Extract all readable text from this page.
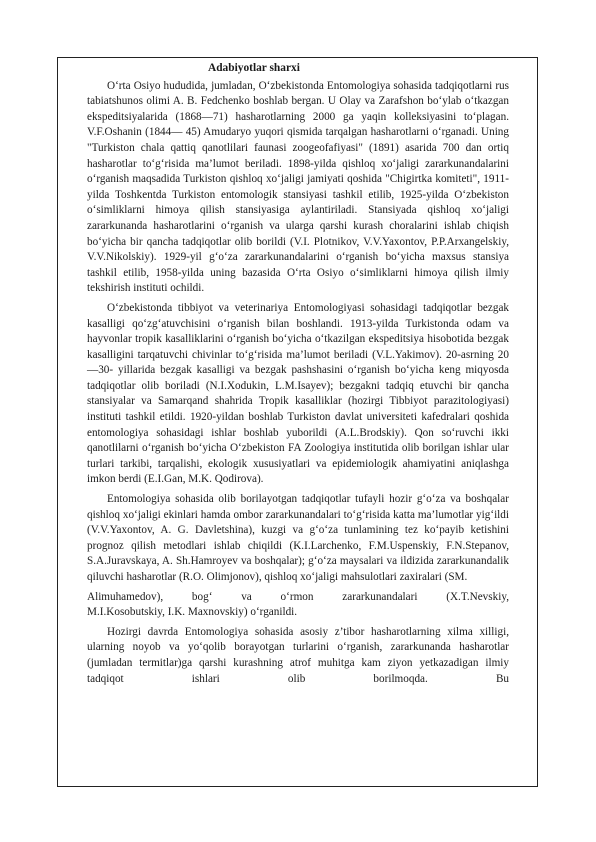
Adabiyotlar sharxi

O‘rta Osiyo hududida, jumladan, O‘zbekistonda Entomologiya sohasida tadqiqotlarni rus tabiatshunos olimi A. B. Fedchenko boshlab bergan. U Olay va Zarafshon bo‘ylab o‘tkazgan ekspeditsiyalarida (1868—71) hasharotlarning 2000 ga yaqin kolleksiyasini to‘plagan. V.F.Oshanin (1844— 45) Amudaryo yuqori qismida tarqalgan hasharotlarni o‘rganadi. Uning "Turkiston chala qattiq qanotlilari faunasi zoogeofafiyasi" (1891) asarida 700 dan ortiq hasharotlar to‘g‘risida ma’lumot beriladi. 1898-yilda qishloq xo‘jaligi zararkunandalarini o‘rganish maqsadida Turkiston qishloq xo‘jaligi jamiyati qoshida "Chigirtka komiteti", 1911-yilda Toshkentda Turkiston entomologik stansiyasi tashkil etilib, 1925-yilda O‘zbekiston o‘simliklarni himoya qilish stansiyasiga aylantiriladi. Stansiyada qishloq xo‘jaligi zararkunanda hasharotlarini o‘rganish va ularga qarshi kurash choralarini ishlab chiqish bo‘yicha bir qancha tadqiqotlar olib borildi (V.I. Plotnikov, V.V.Yaxontov, P.P.Arxangelskiy, V.V.Nikolskiy). 1929-yil g‘o‘za zararkunandalarini o‘rganish bo‘yicha maxsus stansiya tashkil etilib, 1958-yilda uning bazasida O‘rta Osiyo o‘simliklarni himoya qilish ilmiy tekshirish instituti ochildi.

O‘zbekistonda tibbiyot va veterinariya Entomologiyasi sohasidagi tadqiqotlar bezgak kasalligi qo‘zg‘atuvchisini o‘rganish bilan boshlandi. 1913-yilda Turkistonda odam va hayvonlar tropik kasalliklarini o‘rganish bo‘yicha o‘tkazilgan ekspeditsiya hisobotida bezgak kasalligini tarqatuvchi chivinlar to‘g‘risida ma’lumot beriladi (V.L.Yakimov). 20-asrning 20—30- yillarida bezgak kasalligi va bezgak pashshasini o‘rganish bo‘yicha keng miqyosda tadqiqotlar olib boriladi (N.I.Xodukin, L.M.Isayev); bezgakni tadqiq etuvchi bir qancha stansiyalar va Samarqand shahrida Tropik kasalliklar (hozirgi Tibbiyot parazitologiyasi) instituti tashkil etildi. 1920-yildan boshlab Turkiston davlat universiteti kafedralari qoshida entomologiya sohasidagi ishlar boshlab yuborildi (A.L.Brodskiy). Qon so‘ruvchi ikki qanotlilarni o‘rganish bo‘yicha O‘zbekiston FA Zoologiya institutida olib borilgan ishlar ular turlari tarkibi, tarqalishi, ekologik xususiyatlari va epidemiologik ahamiyatini aniqlashga imkon berdi (E.I.Gan, M.K. Qodirova).

Entomologiya sohasida olib borilayotgan tadqiqotlar tufayli hozir g‘o‘za va boshqalar qishloq xo‘jaligi ekinlari hamda ombor zararkunandalari to‘g‘risida katta ma’lumotlar yig‘ildi (V.V.Yaxontov, A. G. Davletshina), kuzgi va g‘o‘za tunlamining tez ko‘payib ketishini prognoz qilish metodlari ishlab chiqildi (K.I.Larchenko, F.M.Uspenskiy, F.N.Stepanov, S.A.Juravskaya, A. Sh.Hamroyev va boshqalar); g‘o‘za maysalari va ildizida zararkunandalik qiluvchi hasharotlar (R.O. Olimjonov), qishloq xo‘jaligi mahsulotlari zaxiralari (SM.

Alimuhamedov), bog‘ va o‘rmon zararkunandalari (X.T.Nevskiy,

M.I.Kosobutskiy, I.K. Maxnovskiy) o‘rganildi.

Hozirgi davrda Entomologiya sohasida asosiy z’tibor hasharotlarning xilma xilligi, ularning noyob va yo‘qolib borayotgan turlarini o‘rganish, zararkunanda hasharotlar (jumladan termitlar)ga qarshi kurashning atrof muhitga kam ziyon yetkazadigan ilmiy tadqiqot ishlari olib borilmoqda. Bu
